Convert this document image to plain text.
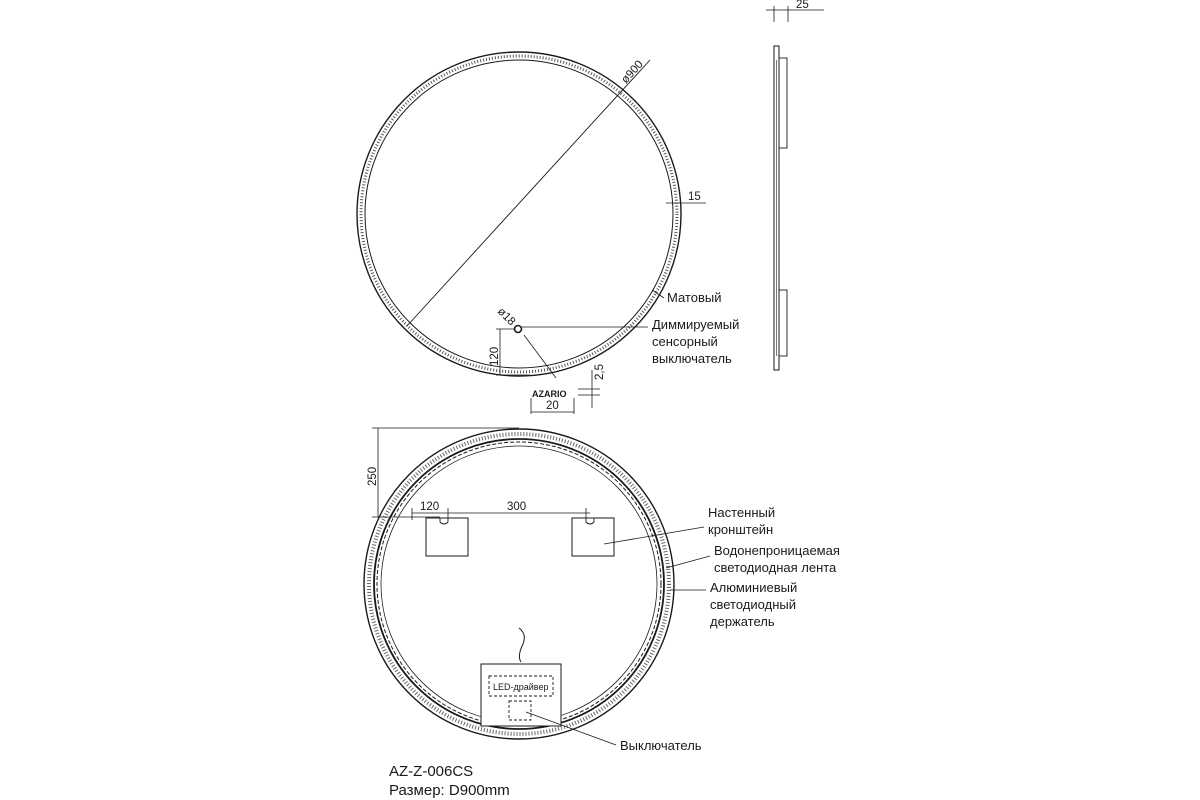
ø900
15
Матовый
ø18	Диммируемый
сенсорный
выключатель
120
AZARIO
2,5
20
25
250
120	300	Настенный
кронштейн
Водонепроницаемая
светодиодная лента
Алюминиевый
светодиодный
держатель
LED-драйвер
Выключатель
AZ-Z-006CS
Размер: D900mm
